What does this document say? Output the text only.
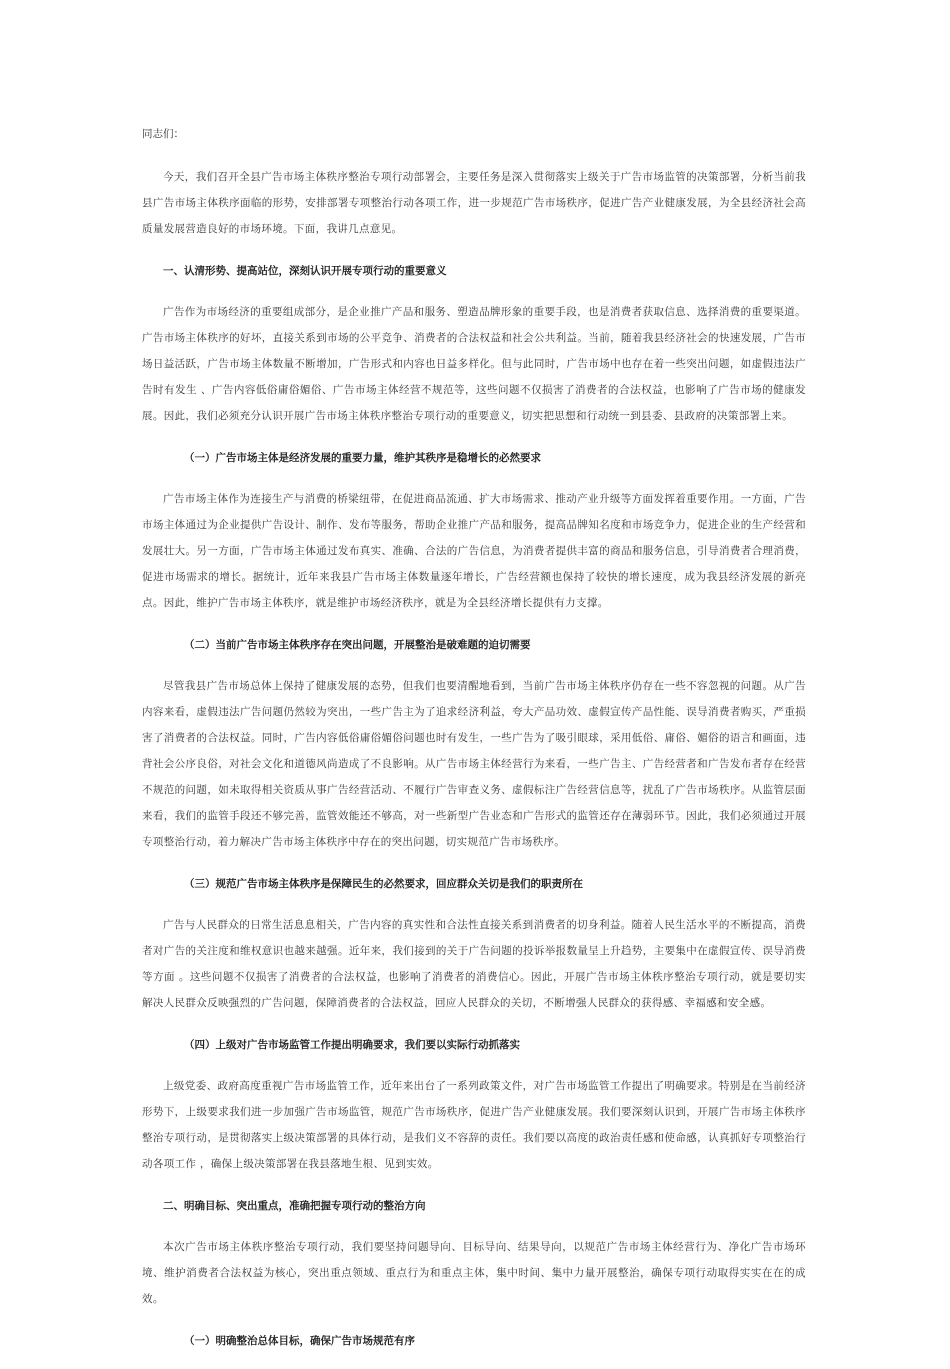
同志们：

今天，我们召开全县广告市场主体秩序整治专项行动部署会，主要任务是深入贯彻落实上级关于广告市场监管的决策部署，分析当前我县广告市场主体秩序面临的形势，安排部署专项整治行动各项工作，进一步规范广告市场秩序，促进广告产业健康发展，为全县经济社会高质量发展营造良好的市场环境。下面，我讲几点意见。

一、认清形势、提高站位，深刻认识开展专项行动的重要意义

广告作为市场经济的重要组成部分，是企业推广产品和服务、塑造品牌形象的重要手段，也是消费者获取信息、选择消费的重要渠道。广告市场主体秩序的好坏，直接关系到市场的公平竞争、消费者的合法权益和社会公共利益。当前，随着我县经济社会的快速发展，广告市场日益活跃，广告市场主体数量不断增加，广告形式和内容也日益多样化。但与此同时，广告市场中也存在着一些突出问题，如虚假违法广告时有发生 、广告内容低俗庸俗媚俗、广告市场主体经营不规范等，这些问题不仅损害了消费者的合法权益，也影响了广告市场的健康发展。因此，我们必须充分认识开展广告市场主体秩序整治专项行动的重要意义，切实把思想和行动统一到县委、县政府的决策部署上来。

（一）广告市场主体是经济发展的重要力量，维护其秩序是稳增长的必然要求

广告市场主体作为连接生产与消费的桥梁纽带，在促进商品流通、扩大市场需求、推动产业升级等方面发挥着重要作用。一方面，广告市场主体通过为企业提供广告设计、制作、发布等服务，帮助企业推广产品和服务，提高品牌知名度和市场竞争力，促进企业的生产经营和发展壮大。另一方面，广告市场主体通过发布真实、准确、合法的广告信息，为消费者提供丰富的商品和服务信息，引导消费者合理消费，促进市场需求的增长。据统计，近年来我县广告市场主体数量逐年增长，广告经营额也保持了较快的增长速度，成为我县经济发展的新亮点。因此，维护广告市场主体秩序，就是维护市场经济秩序，就是为全县经济增长提供有力支撑。

（二）当前广告市场主体秩序存在突出问题，开展整治是破难题的迫切需要

尽管我县广告市场总体上保持了健康发展的态势，但我们也要清醒地看到，当前广告市场主体秩序仍存在一些不容忽视的问题。从广告内容来看，虚假违法广告问题仍然较为突出，一些广告主为了追求经济利益，夸大产品功效、虚假宣传产品性能、误导消费者购买，严重损害了消费者的合法权益。同时，广告内容低俗庸俗媚俗问题也时有发生，一些广告为了吸引眼球，采用低俗、庸俗、媚俗的语言和画面，违背社会公序良俗，对社会文化和道德风尚造成了不良影响。从广告市场主体经营行为来看，一些广告主、广告经营者和广告发布者存在经营不规范的问题，如未取得相关资质从事广告经营活动、不履行广告审查义务、虚假标注广告经营信息等，扰乱了广告市场秩序。从监管层面来看，我们的监管手段还不够完善，监管效能还不够高，对一些新型广告业态和广告形式的监管还存在薄弱环节。因此，我们必须通过开展专项整治行动，着力解决广告市场主体秩序中存在的突出问题，切实规范广告市场秩序。

（三）规范广告市场主体秩序是保障民生的必然要求，回应群众关切是我们的职责所在

广告与人民群众的日常生活息息相关，广告内容的真实性和合法性直接关系到消费者的切身利益。随着人民生活水平的不断提高，消费者对广告的关注度和维权意识也越来越强。近年来，我们接到的关于广告问题的投诉举报数量呈上升趋势，主要集中在虚假宣传、误导消费等方面 。这些问题不仅损害了消费者的合法权益，也影响了消费者的消费信心。因此，开展广告市场主体秩序整治专项行动，就是要切实解决人民群众反映强烈的广告问题，保障消费者的合法权益，回应人民群众的关切，不断增强人民群众的获得感、幸福感和安全感。

（四）上级对广告市场监管工作提出明确要求，我们要以实际行动抓落实

上级党委、政府高度重视广告市场监管工作，近年来出台了一系列政策文件，对广告市场监管工作提出了明确要求。特别是在当前经济形势下，上级要求我们进一步加强广告市场监管，规范广告市场秩序，促进广告产业健康发展。我们要深刻认识到，开展广告市场主体秩序整治专项行动，是贯彻落实上级决策部署的具体行动，是我们义不容辞的责任。我们要以高度的政治责任感和使命感，认真抓好专项整治行动各项工作 ，确保上级决策部署在我县落地生根、见到实效。

二、明确目标、突出重点，准确把握专项行动的整治方向

本次广告市场主体秩序整治专项行动，我们要坚持问题导向、目标导向、结果导向，以规范广告市场主体经营行为、净化广告市场环境、维护消费者合法权益为核心，突出重点领域、重点行为和重点主体，集中时间、集中力量开展整治，确保专项行动取得实实在在的成效。

（一）明确整治总体目标，确保广告市场规范有序
